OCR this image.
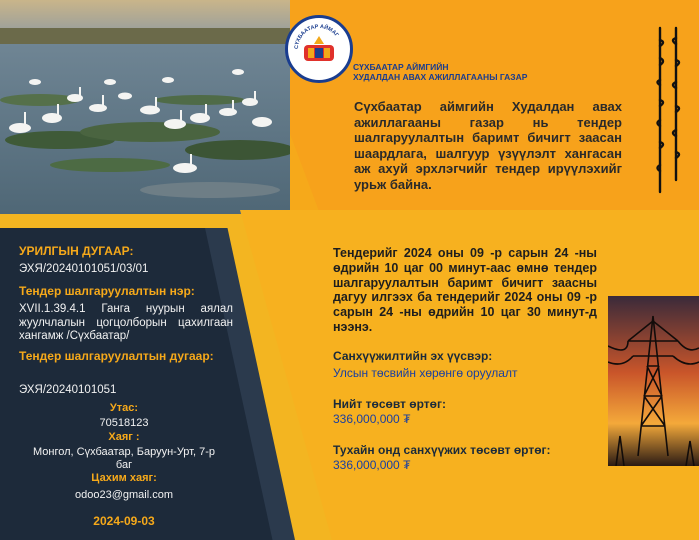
СҮХБААТАР АЙМАГ
СҮХБААТАР АЙМГИЙН
ХУДАЛДАН АВАХ АЖИЛЛАГААНЫ ГАЗАР
Сүхбаатар аймгийн Худалдан авах ажиллагааны газар нь тендер шалгаруулалтын баримт бичигт заасан шаардлага, шалгуур үзүүлэлт хангасан аж ахуй эрхлэгчийг тендер ирүүлэхийг урьж байна.
УРИЛГЫН ДУГААР:
ЭХЯ/20240101051/03/01
Тендер шалгаруулалтын нэр:
XVII.1.39.4.1 Ганга нуурын аялал жуулчлалын цогцолборын цахилгаан хангамж /Сүхбаатар/
Тендер шалгаруулалтын дугаар:
ЭХЯ/20240101051
Утас:
70518123
Хаяг :
Монгол, Сүхбаатар, Баруун-Урт, 7-р баг
Цахим хаяг:
odoo23@gmail.com
2024-09-03
Тендерийг 2024 оны 09 -р сарын 24 -ны өдрийн 10 цаг 00 минут-аас өмнө тендер шалгаруулалтын баримт бичигт заасны дагуу илгээх ба тендерийг 2024 оны 09 -р сарын 24 -ны өдрийн 10 цаг 30 минут-д нээнэ.
Санхүүжилтийн эх үүсвэр:
Улсын төсвийн хөрөнгө оруулалт
Нийт төсөвт өртөг:
336,000,000 ₮
Тухайн онд санхүүжих төсөвт өртөг:
336,000,000 ₮
